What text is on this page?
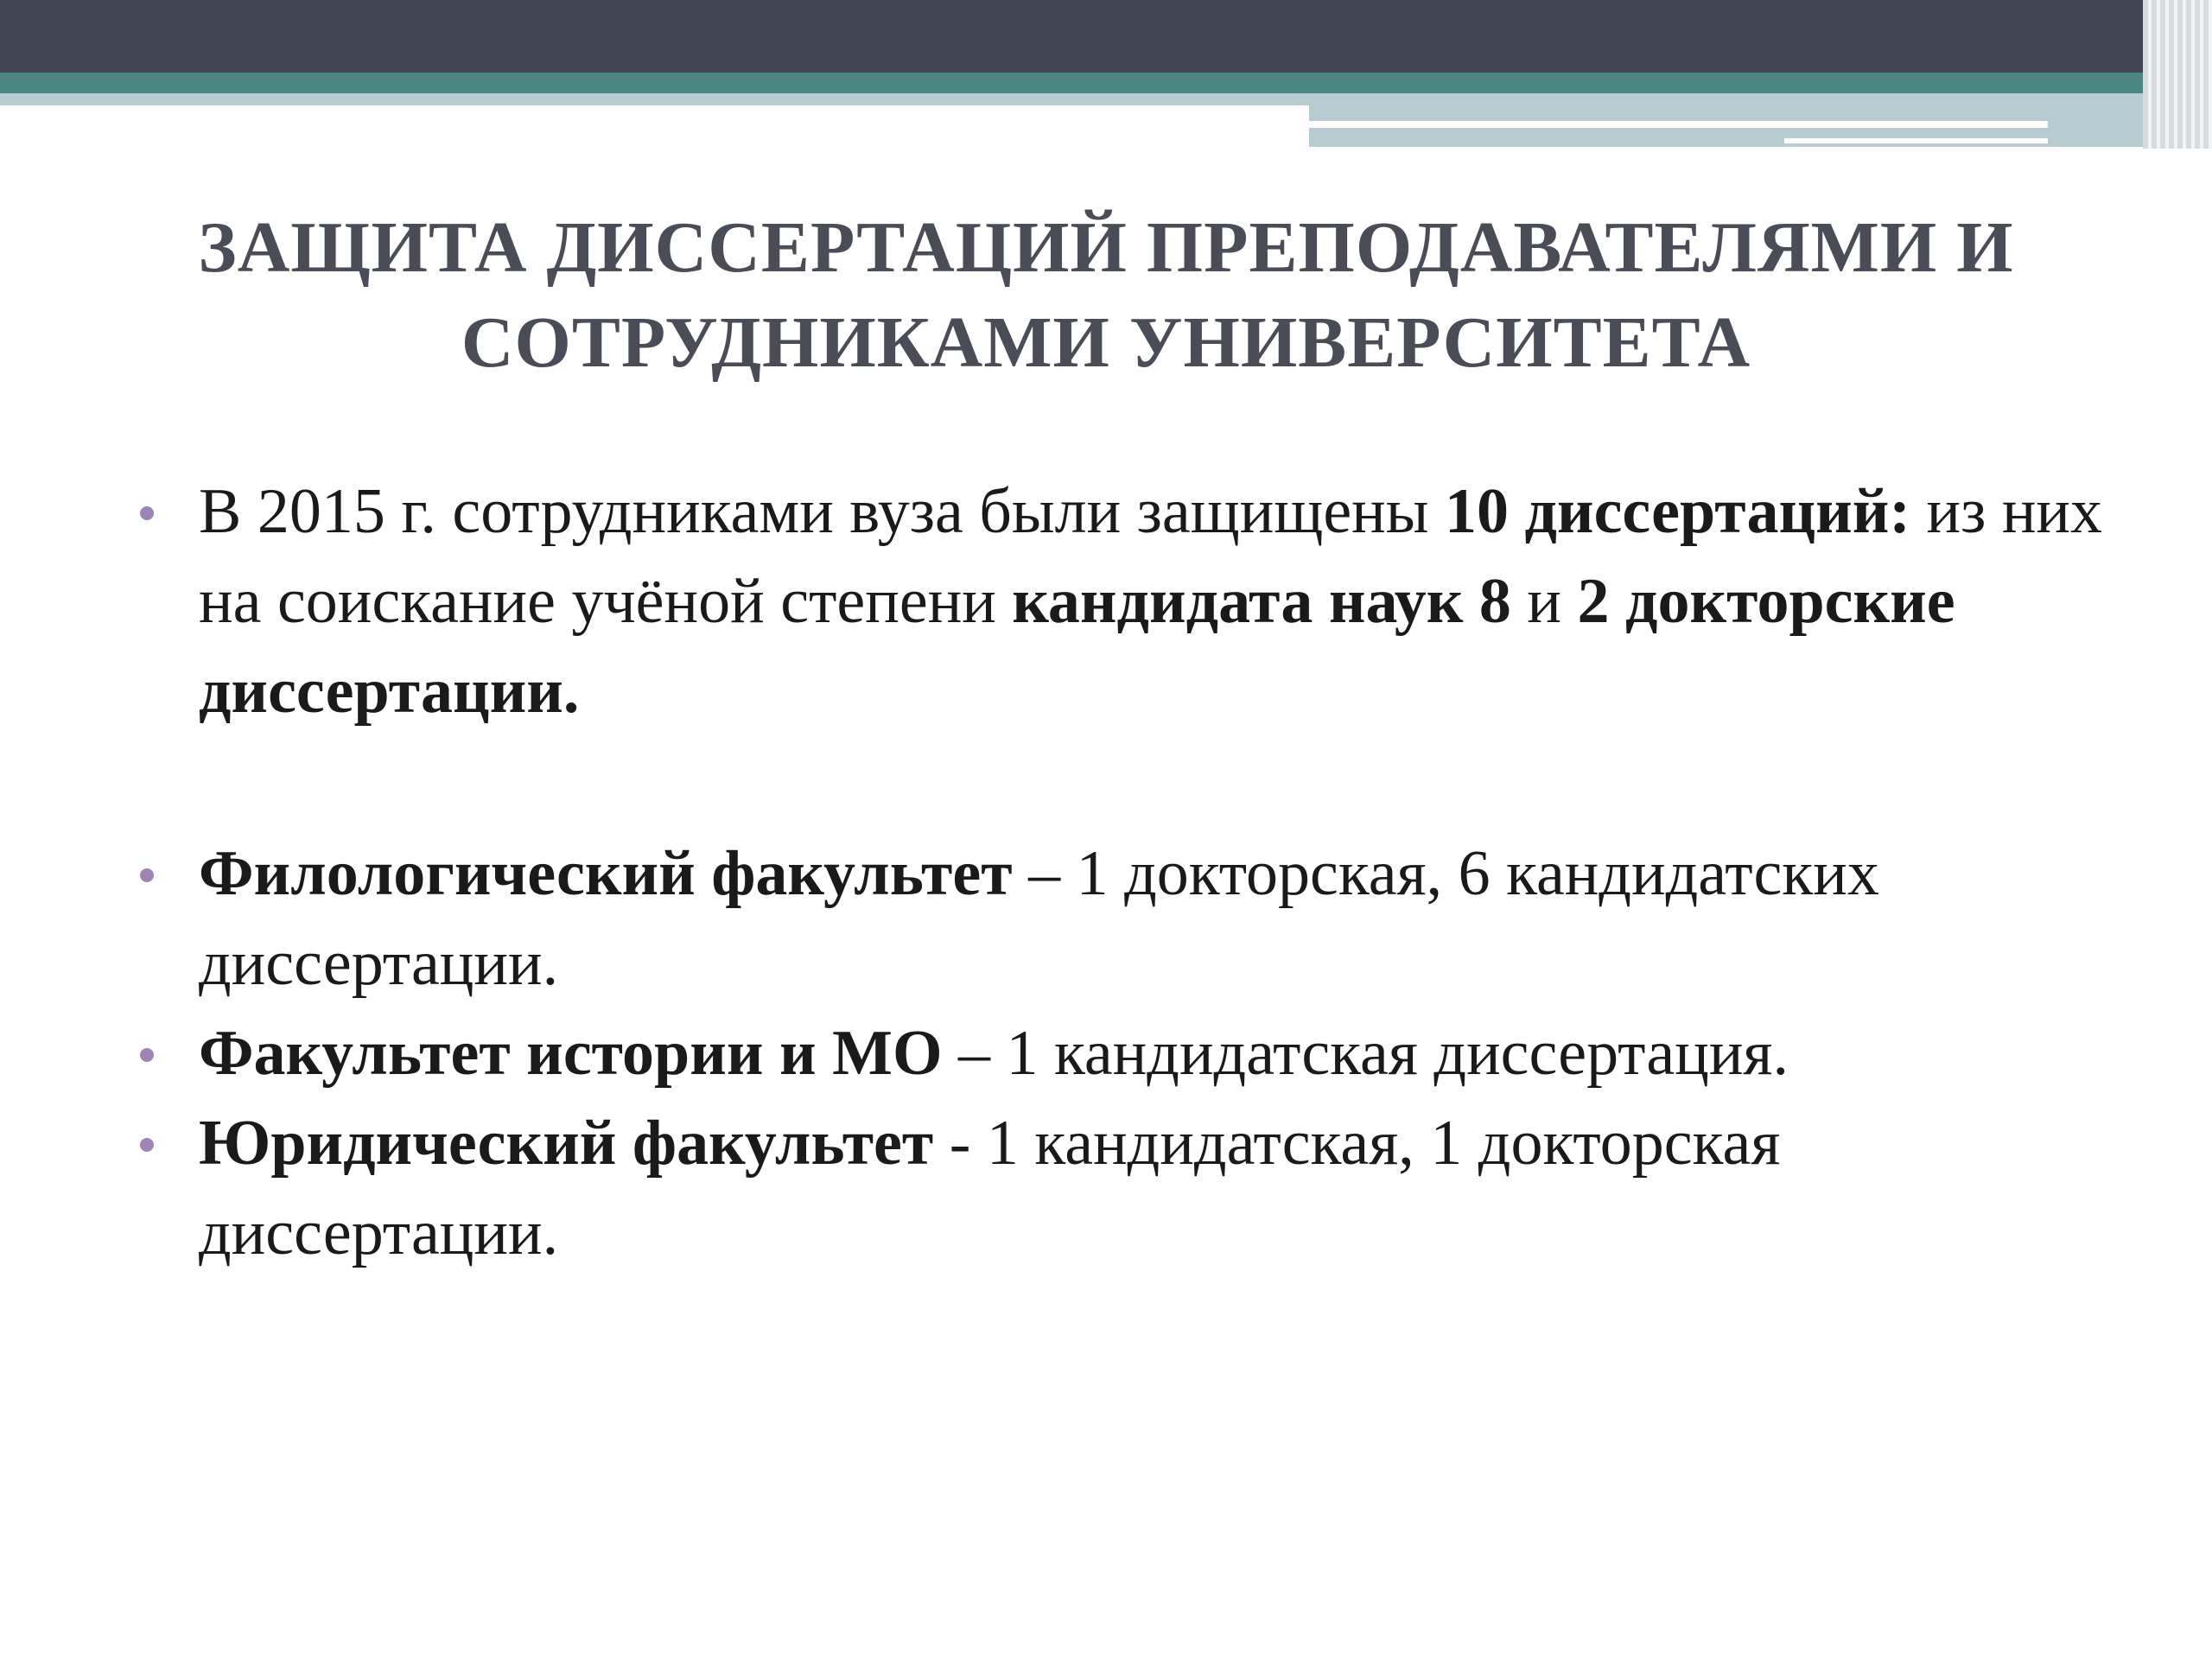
ЗАЩИТА ДИССЕРТАЦИЙ ПРЕПОДАВАТЕЛЯМИ И
СОТРУДНИКАМИ УНИВЕРСИТЕТА
В 2015 г. сотрудниками вуза были защищены 10 диссертаций: из них на соискание учёной степени кандидата наук 8 и 2 докторские диссертации.
Филологический факультет – 1 докторская, 6 кандидатских диссертации.
Факультет истории и МО – 1 кандидатская диссертация.
Юридический факультет - 1 кандидатская, 1 докторская диссертации.
